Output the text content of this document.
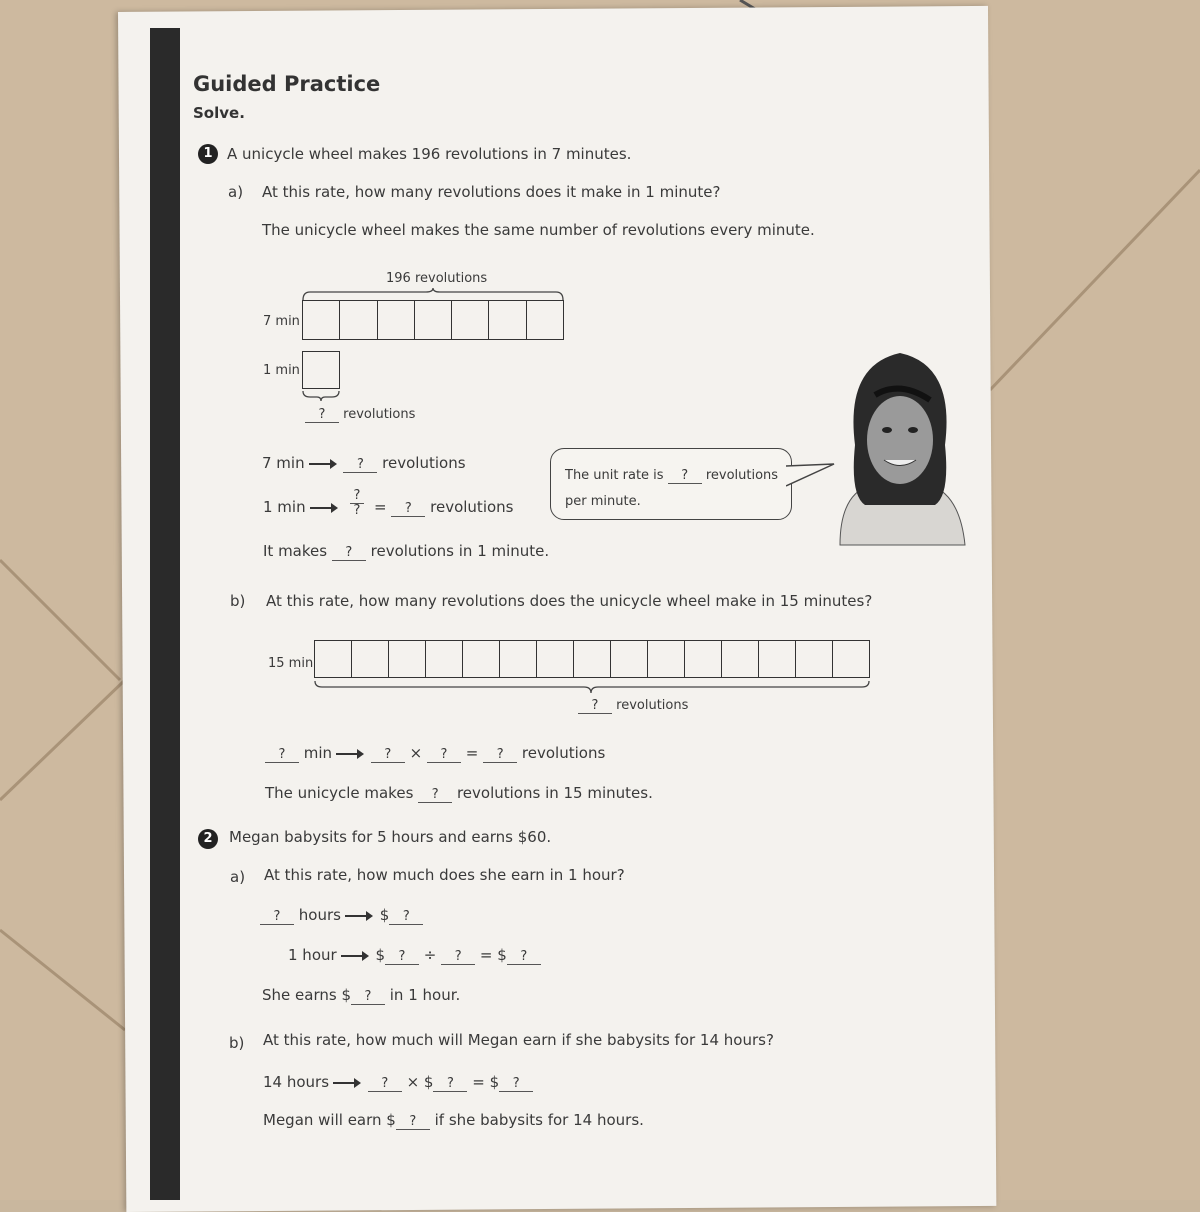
Guided Practice
Solve.
1 A unicycle wheel makes 196 revolutions in 7 minutes.
a) At this rate, how many revolutions does it make in 1 minute?
The unicycle wheel makes the same number of revolutions every minute.
196 revolutions
7 min
1 min
? revolutions
7 min	? revolutions
1 min
?
? = ? revolutions
It makes ? revolutions in 1 minute.
The unit rate is ? revolutions
per minute.
b) At this rate, how many revolutions does the unicycle wheel make in 15 minutes?
15 min
? revolutions
? min	? × ? = ? revolutions
The unicycle makes ? revolutions in 15 minutes.
2	Megan babysits for 5 hours and earns $60.
a) At this rate, how much does she earn in 1 hour?
? hours	$ ?
1 hour	$ ? ÷ ? = $ ?
She earns $ ? in 1 hour.
b) At this rate, how much will Megan earn if she babysits for 14 hours?
14 hours	? × $ ? = $ ?
Megan will earn $ ? if she babysits for 14 hours.
